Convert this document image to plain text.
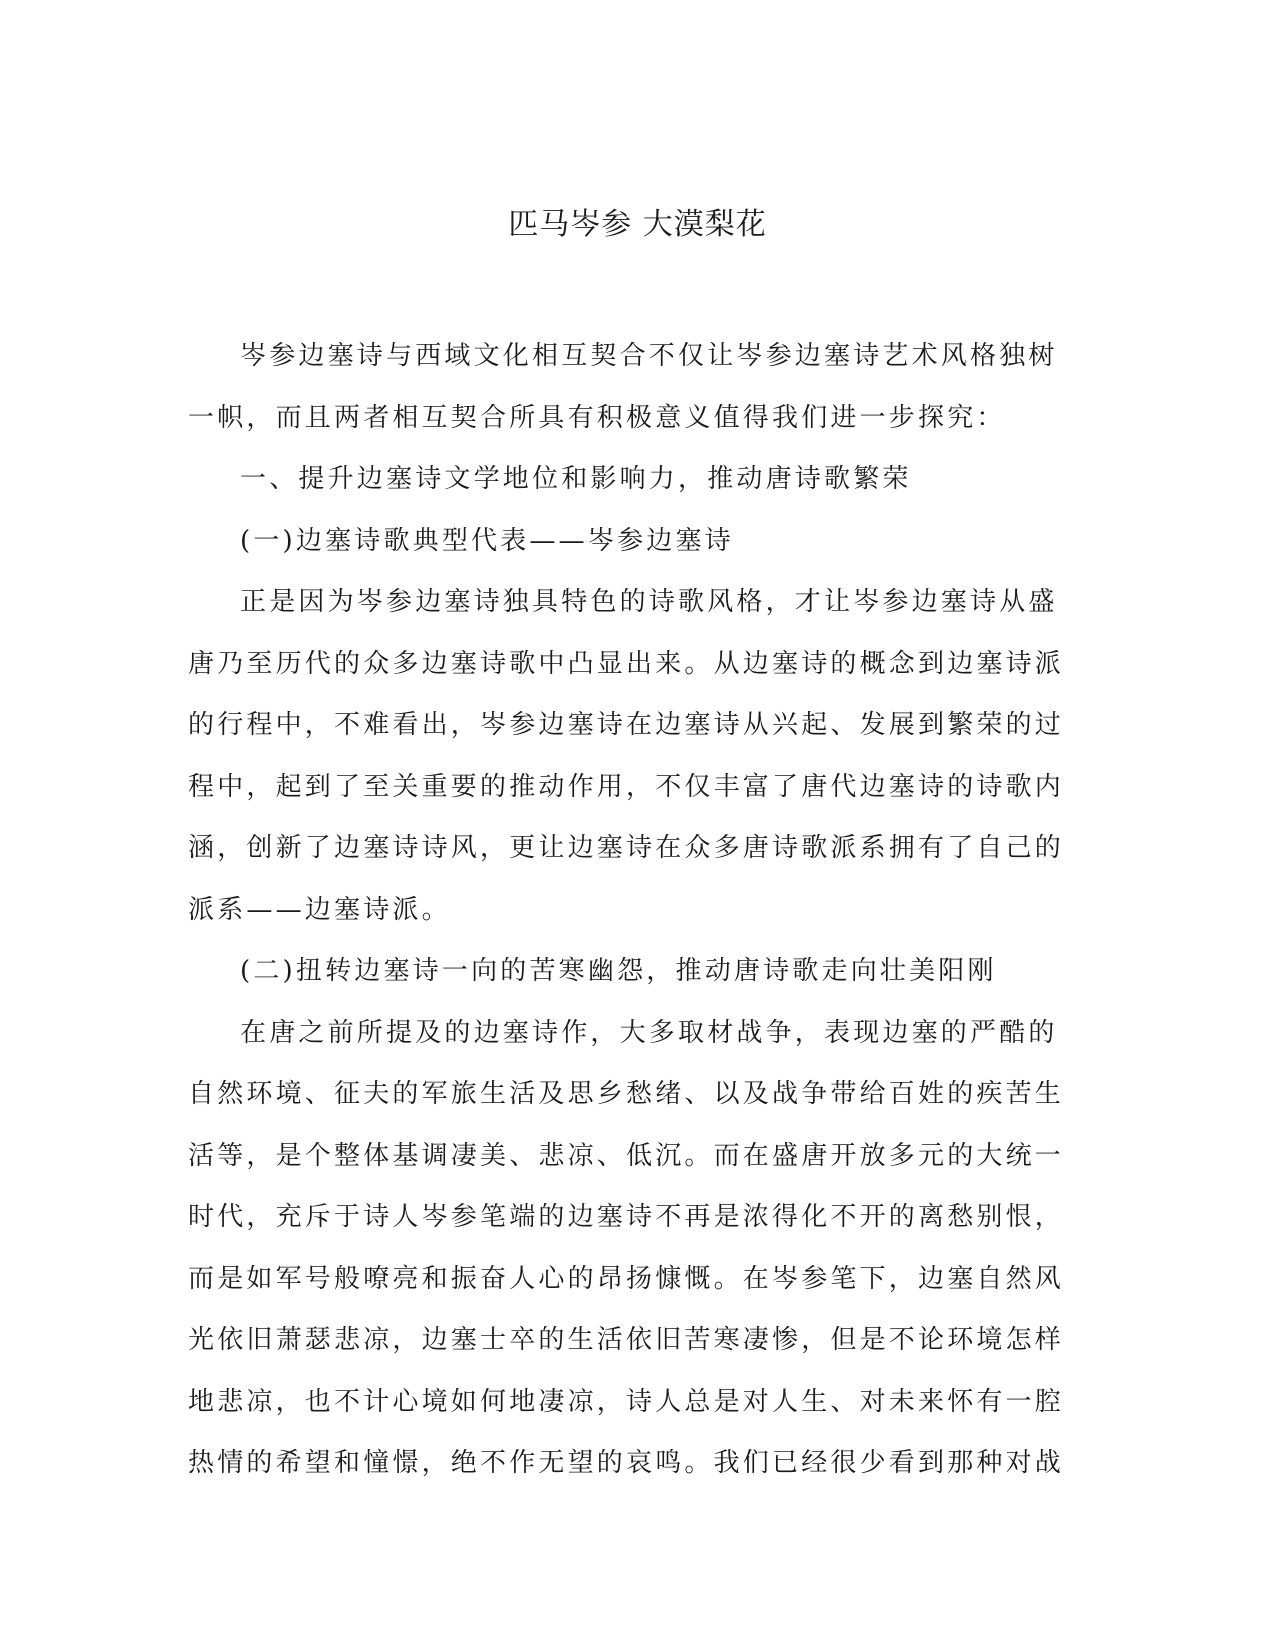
匹马岑参 大漠梨花

岑参边塞诗与西域文化相互契合不仅让岑参边塞诗艺术风格独树一帜，而且两者相互契合所具有积极意义值得我们进一步探究：

一、提升边塞诗文学地位和影响力，推动唐诗歌繁荣

(一)边塞诗歌典型代表——岑参边塞诗

正是因为岑参边塞诗独具特色的诗歌风格，才让岑参边塞诗从盛唐乃至历代的众多边塞诗歌中凸显出来。从边塞诗的概念到边塞诗派的行程中，不难看出，岑参边塞诗在边塞诗从兴起、发展到繁荣的过程中，起到了至关重要的推动作用，不仅丰富了唐代边塞诗的诗歌内涵，创新了边塞诗诗风，更让边塞诗在众多唐诗歌派系拥有了自己的派系——边塞诗派。

(二)扭转边塞诗一向的苦寒幽怨，推动唐诗歌走向壮美阳刚

在唐之前所提及的边塞诗作，大多取材战争，表现边塞的严酷的自然环境、征夫的军旅生活及思乡愁绪、以及战争带给百姓的疾苦生活等，是个整体基调凄美、悲凉、低沉。而在盛唐开放多元的大统一时代，充斥于诗人岑参笔端的边塞诗不再是浓得化不开的离愁别恨，而是如军号般嘹亮和振奋人心的昂扬慷慨。在岑参笔下，边塞自然风光依旧萧瑟悲凉，边塞士卒的生活依旧苦寒凄惨，但是不论环境怎样地悲凉，也不计心境如何地凄凉，诗人总是对人生、对未来怀有一腔热情的希望和憧憬，绝不作无望的哀鸣。我们已经很少看到那种对战
